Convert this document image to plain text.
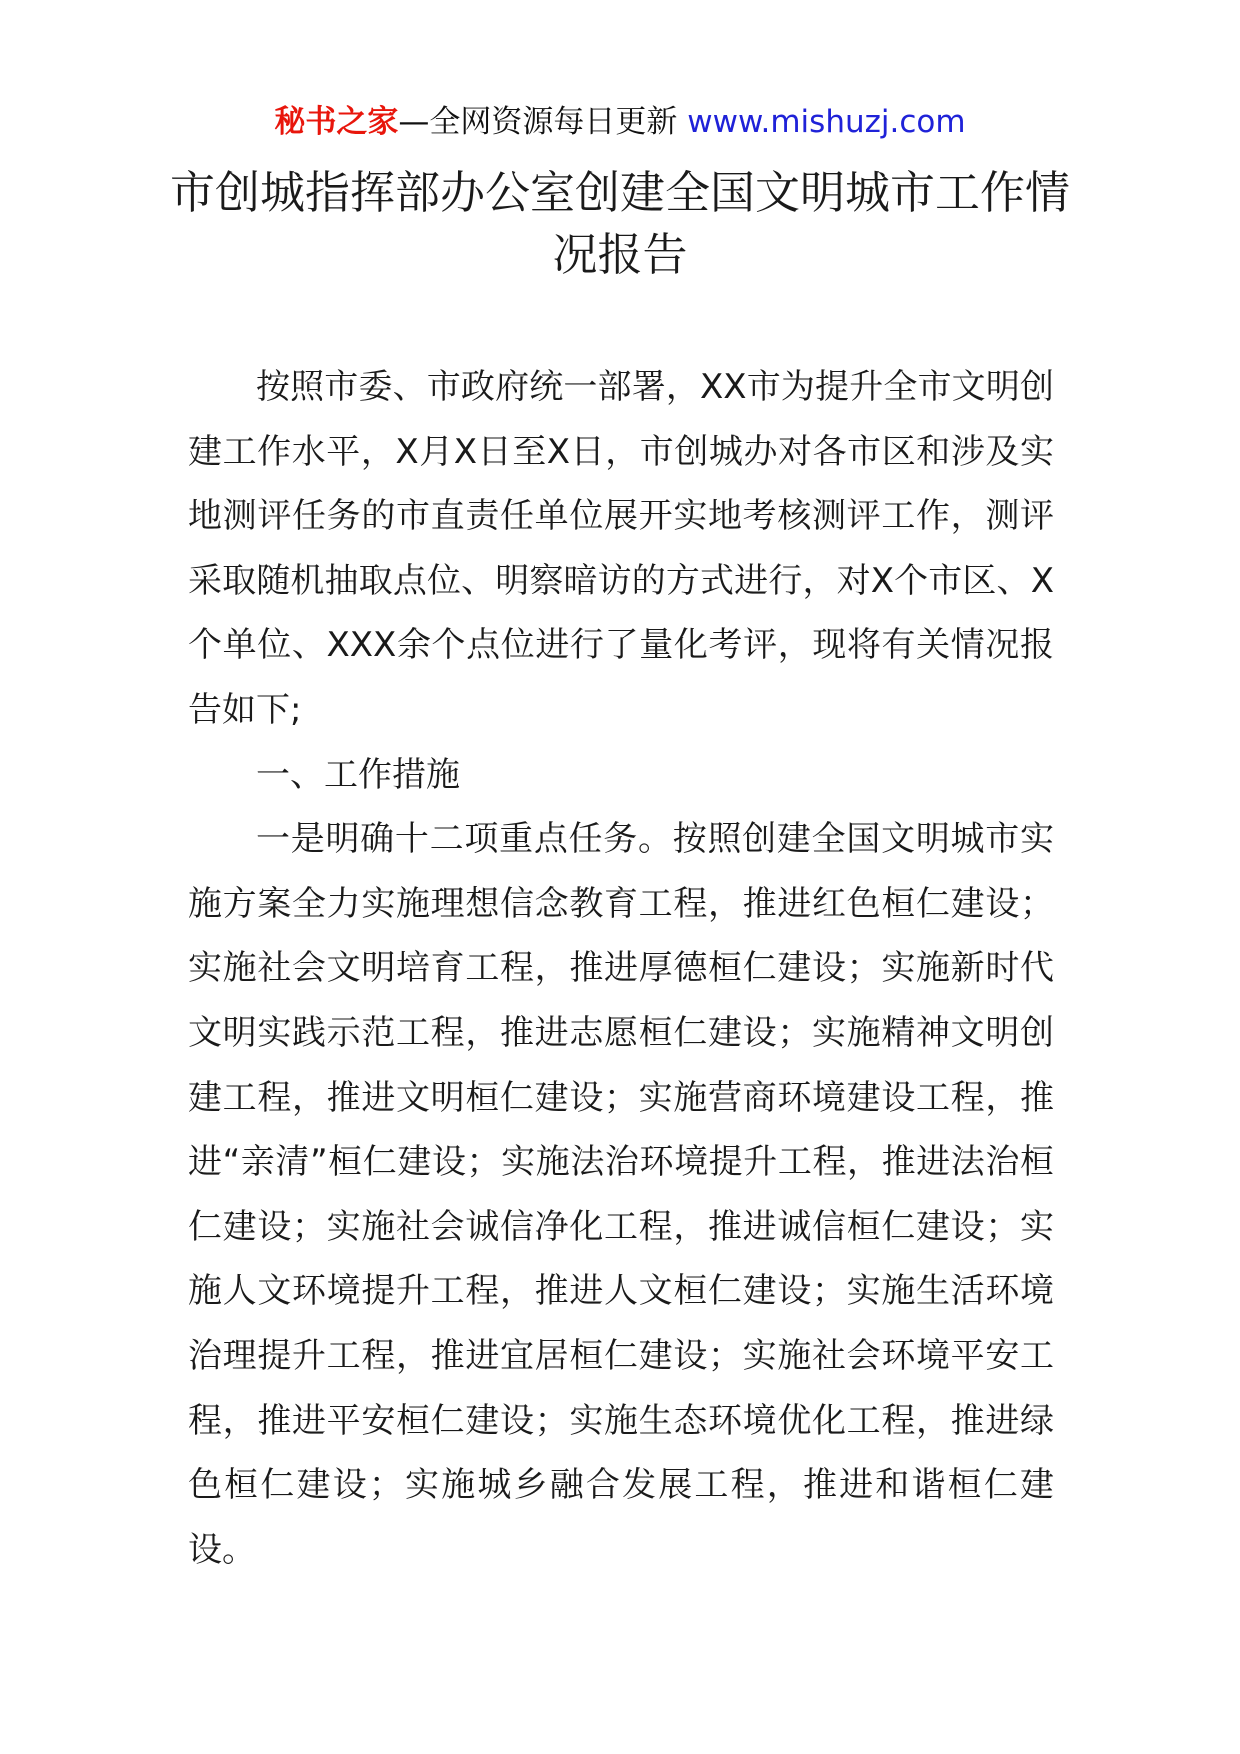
秘书之家—全网资源每日更新 www.mishuzj.com
市创城指挥部办公室创建全国文明城市工作情况报告

按照市委、市政府统一部署，XX市为提升全市文明创建工作水平，X月X日至X日，市创城办对各市区和涉及实地测评任务的市直责任单位展开实地考核测评工作，测评采取随机抽取点位、明察暗访的方式进行，对X个市区、X个单位、XXX余个点位进行了量化考评，现将有关情况报告如下;

一、工作措施

一是明确十二项重点任务。按照创建全国文明城市实施方案全力实施理想信念教育工程，推进红色桓仁建设；实施社会文明培育工程，推进厚德桓仁建设；实施新时代文明实践示范工程，推进志愿桓仁建设；实施精神文明创建工程，推进文明桓仁建设；实施营商环境建设工程，推进“亲清”桓仁建设；实施法治环境提升工程，推进法治桓仁建设；实施社会诚信净化工程，推进诚信桓仁建设；实施人文环境提升工程，推进人文桓仁建设；实施生活环境治理提升工程，推进宜居桓仁建设；实施社会环境平安工程，推进平安桓仁建设；实施生态环境优化工程，推进绿色桓仁建设；实施城乡融合发展工程，推进和谐桓仁建设。
